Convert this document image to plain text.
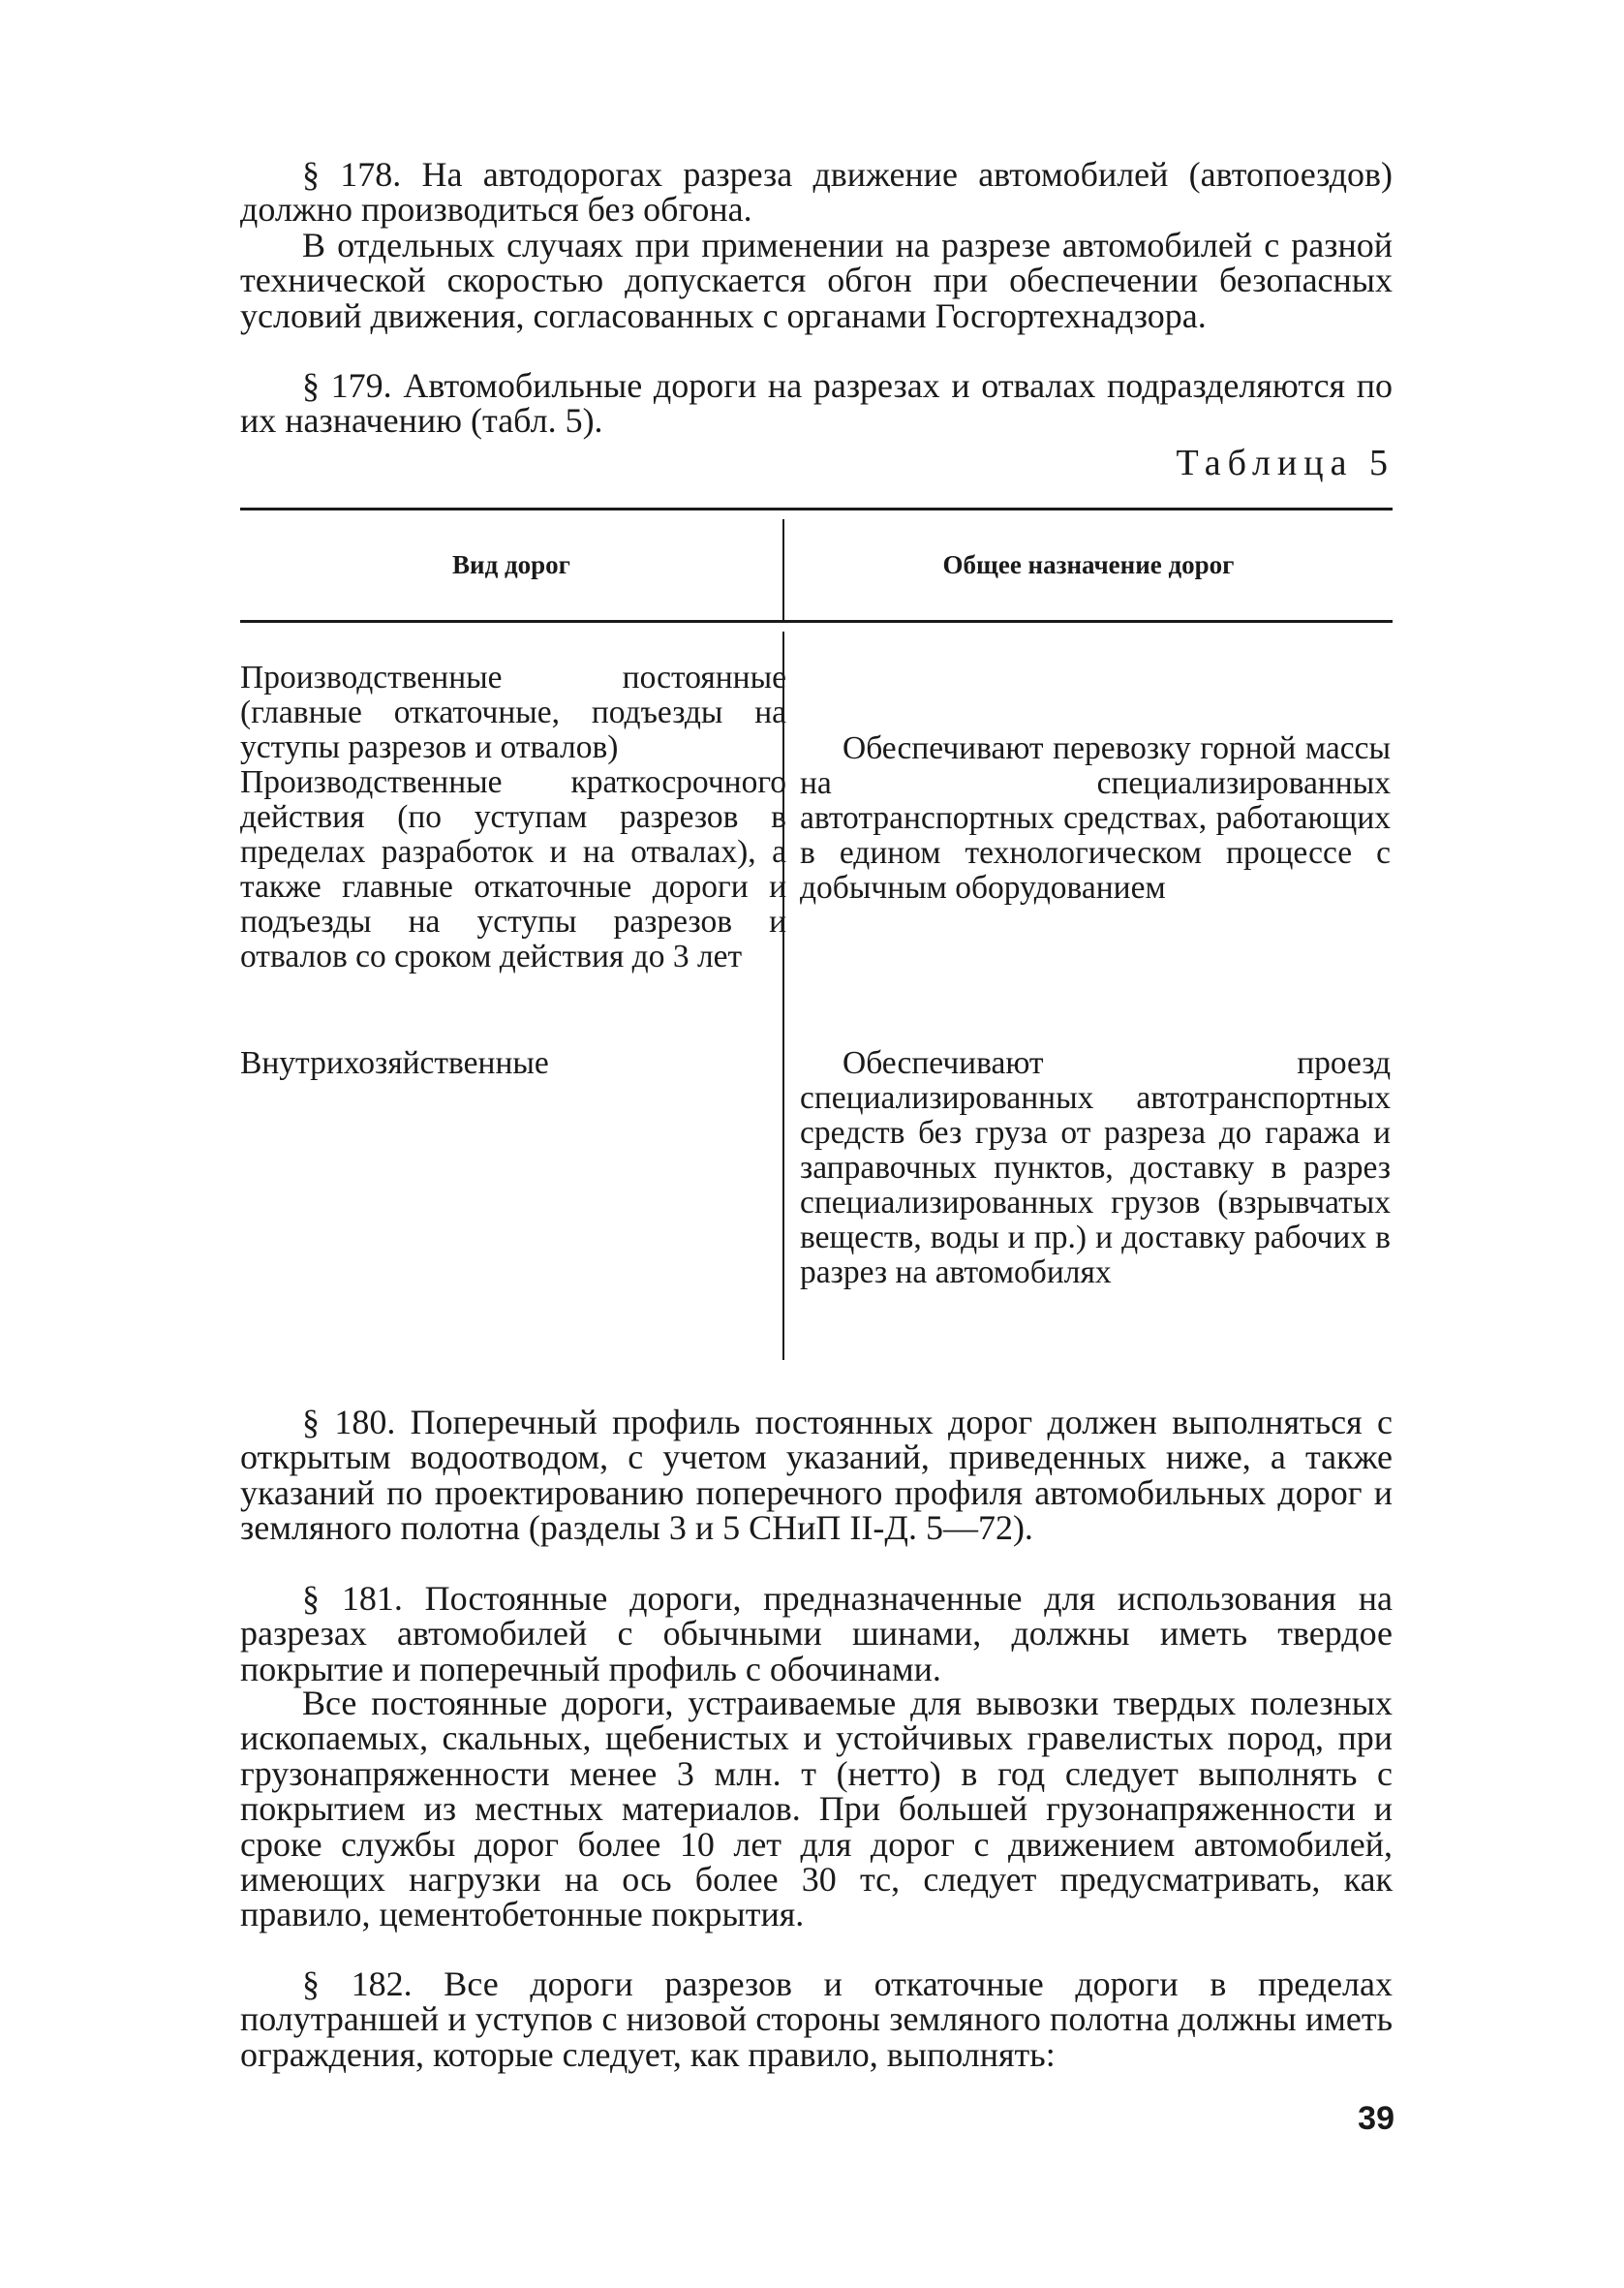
§ 178. На автодорогах разреза движение автомобилей (автопоездов) должно производиться без обгона.

В отдельных случаях при применении на разрезе автомобилей с разной технической скоростью допускается обгон при обеспечении безопасных условий движения, согласованных с органами Госгортехнадзора.

§ 179. Автомобильные дороги на разрезах и отвалах подразделяются по их назначению (табл. 5).

Таблица 5
Вид дорог	Общее назначение дорог

Производственные постоянные (главные откаточные, подъезды на уступы разрезов и отвалов)

Производственные краткосрочного действия (по уступам разрезов в пределах разработок и на отвалах), а также главные откаточные дороги и подъезды на уступы разрезов и отвалов со сроком действия до 3 лет

Обеспечивают перевозку горной массы на специализированных автотранспортных средствах, работающих в едином технологическом процессе с добычным оборудованием

Внутрихозяйственные	Обеспечивают проезд специализированных автотранспортных средств без груза от разреза до гаража и заправочных пунктов, доставку в разрез специализированных грузов (взрывчатых веществ, воды и пр.) и доставку рабочих в разрез на автомобилях

§ 180. Поперечный профиль постоянных дорог должен выполняться с открытым водоотводом, с учетом указаний, приведенных ниже, а также указаний по проектированию поперечного профиля автомобильных дорог и земляного полотна (разделы 3 и 5 СНиП II-Д. 5—72).

§ 181. Постоянные дороги, предназначенные для использования на разрезах автомобилей с обычными шинами, должны иметь твердое покрытие и поперечный профиль с обочинами.

Все постоянные дороги, устраиваемые для вывозки твердых полезных ископаемых, скальных, щебенистых и устойчивых гравелистых пород, при грузонапряженности менее 3 млн. т (нетто) в год следует выполнять с покрытием из местных материалов. При большей грузонапряженности и сроке службы дорог более 10 лет для дорог с движением автомобилей, имеющих нагрузки на ось более 30 тс, следует предусматривать, как правило, цементобетонные покрытия.

§ 182. Все дороги разрезов и откаточные дороги в пределах полутраншей и уступов с низовой стороны земляного полотна должны иметь ограждения, которые следует, как правило, выполнять:

39
